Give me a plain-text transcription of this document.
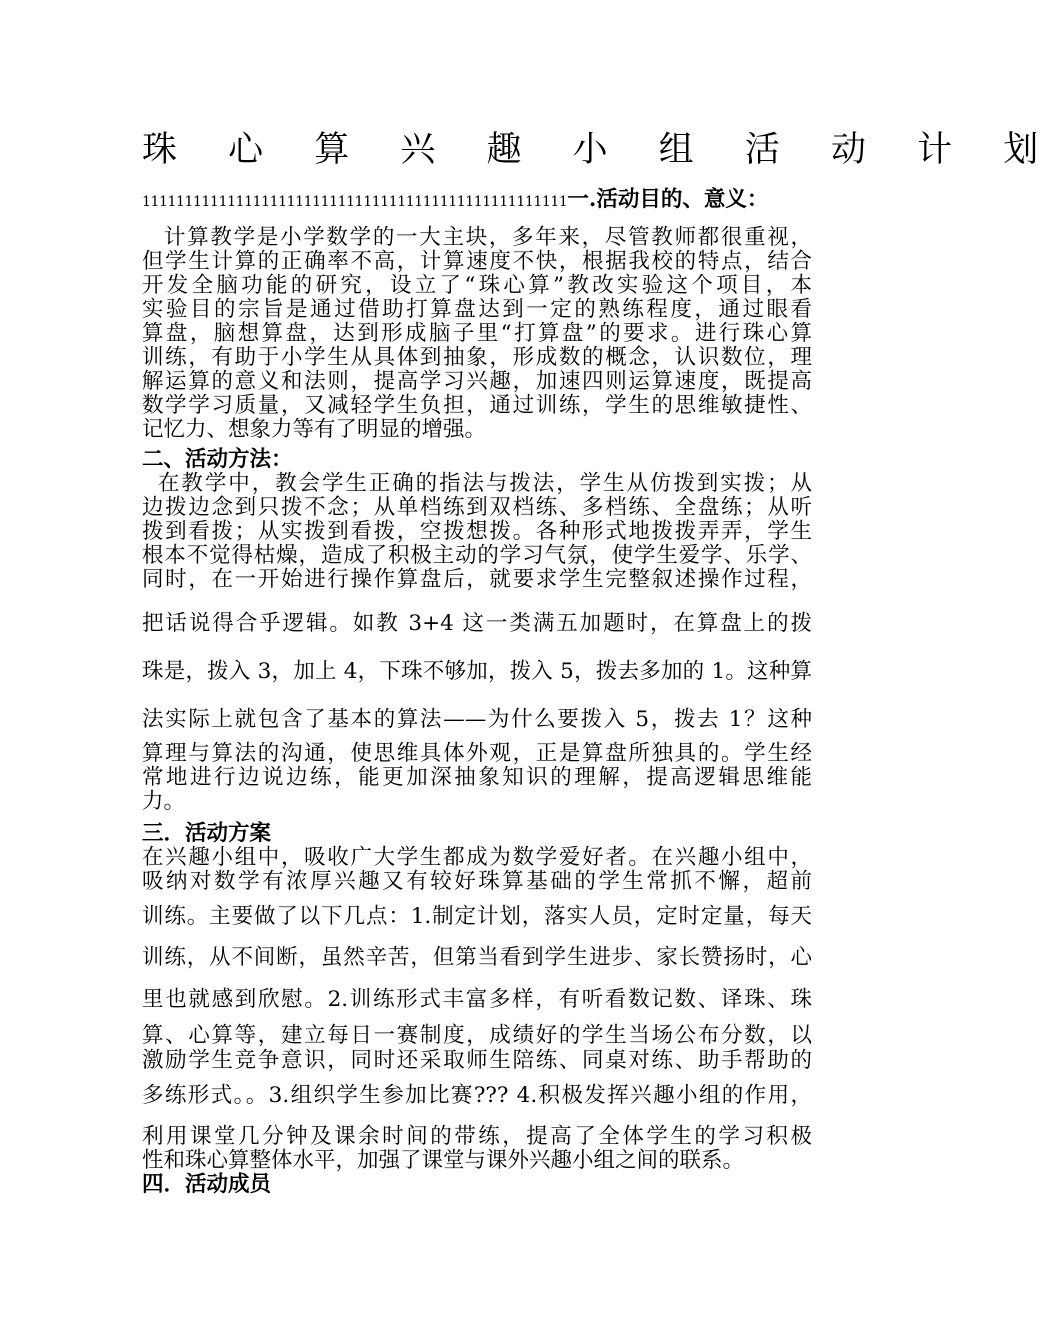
珠 心 算 兴 趣 小 组 活 动 计 划
11111111111111111111111111111111111111111111111111一.活动目的、意义：
计算教学是小学数学的一大主块，多年来，尽管教师都很重视，
但学生计算的正确率不高，计算速度不快，根据我校的特点，结合
开发全脑功能的研究，设立了“珠心算”教改实验这个项目，本
实验目的宗旨是通过借助打算盘达到一定的熟练程度，通过眼看
算盘，脑想算盘，达到形成脑子里“打算盘”的要求。进行珠心算
训练，有助于小学生从具体到抽象，形成数的概念，认识数位，理
解运算的意义和法则，提高学习兴趣，加速四则运算速度，既提高
数学学习质量，又减轻学生负担，通过训练，学生的思维敏捷性、
记忆力、想象力等有了明显的增强。
二、活动方法：
在教学中，教会学生正确的指法与拨法，学生从仿拨到实拨；从
边拨边念到只拨不念；从单档练到双档练、多档练、全盘练；从听
拨到看拨；从实拨到看拨，空拨想拨。各种形式地拨拨弄弄，学生
根本不觉得枯燥，造成了积极主动的学习气氛，使学生爱学、乐学、
同时，在一开始进行操作算盘后，就要求学生完整叙述操作过程，
把话说得合乎逻辑。如教 3+4 这一类满五加题时，在算盘上的拨
珠是，拨入 3，加上 4，下珠不够加，拨入 5，拨去多加的 1。这种算
法实际上就包含了基本的算法——为什么要拨入 5，拨去 1？这种
算理与算法的沟通，使思维具体外观，正是算盘所独具的。学生经
常地进行边说边练，能更加深抽象知识的理解，提高逻辑思维能
力。
三．活动方案
在兴趣小组中，吸收广大学生都成为数学爱好者。在兴趣小组中，
吸纳对数学有浓厚兴趣又有较好珠算基础的学生常抓不懈，超前
训练。主要做了以下几点：1.制定计划，落实人员，定时定量，每天
训练，从不间断，虽然辛苦，但第当看到学生进步、家长赞扬时，心
里也就感到欣慰。2.训练形式丰富多样，有听看数记数、译珠、珠
算、心算等，建立每日一赛制度，成绩好的学生当场公布分数，以
激励学生竞争意识，同时还采取师生陪练、同桌对练、助手帮助的
多练形式。。3.组织学生参加比赛??? 4.积极发挥兴趣小组的作用，
利用课堂几分钟及课余时间的带练，提高了全体学生的学习积极
性和珠心算整体水平，加强了课堂与课外兴趣小组之间的联系。
四．活动成员
